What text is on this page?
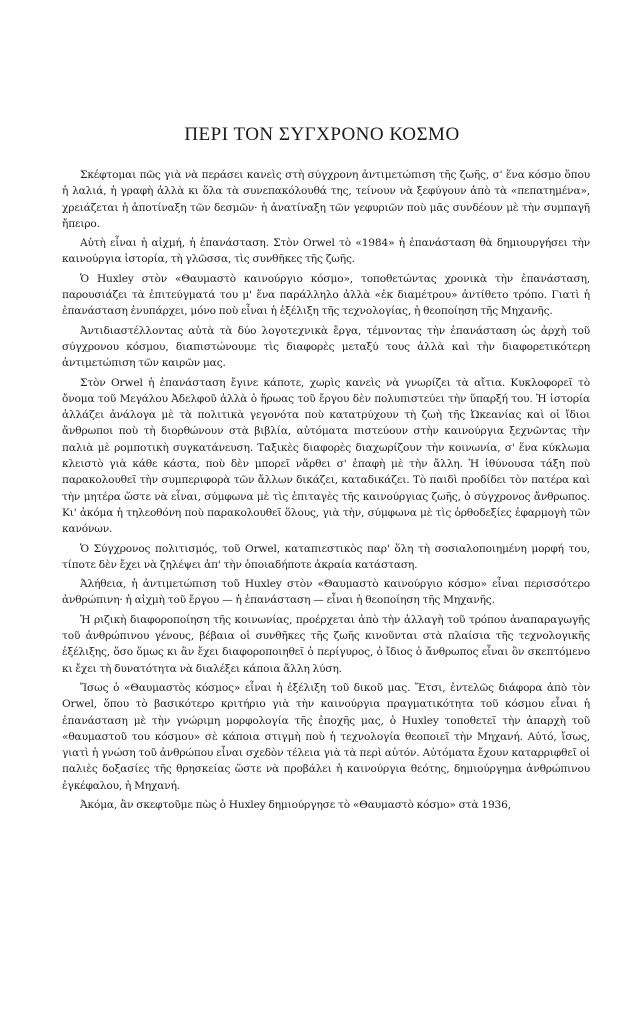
ΠΕΡΙ ΤΟΝ ΣΥΓΧΡΟΝΟ ΚΟΣΜΟ

Σκέφτομαι πῶς γιὰ νὰ περάσει κανεὶς στὴ σύγχρονη ἀντιμετώπιση τῆς ζωῆς, σ' ἕνα κόσμο ὅπου ἡ λαλιά, ἡ γραφὴ ἀλλὰ κι ὅλα τὰ συνεπακόλουθά της, τείνουν νὰ ξεφύγουν ἀπὸ τὰ «πεπατημένα», χρειάζεται ἡ ἀποτίναξη τῶν δεσμῶν· ἡ ἀνατίναξη τῶν γεφυριῶν ποὺ μᾶς συνδέουν μὲ τὴν συμπαγῆ ἤπειρο.

Αὐτὴ εἶναι ἡ αἰχμή, ἡ ἐπανάσταση. Στὸν Orwel τὸ «1984» ἡ ἐπανάσταση θὰ δημιουργήσει τὴν καινούργια ἱστορία, τὴ γλῶσσα, τὶς συνθῆκες τῆς ζωῆς.

Ὁ Huxley στὸν «Θαυμαστὸ καινούργιο κόσμο», τοποθετώντας χρονικὰ τὴν ἐπανάσταση, παρουσιάζει τὰ ἐπιτεύγματά του μ' ἕνα παράλληλο ἀλλὰ «ἐκ διαμέτρου» ἀντίθετο τρόπο. Γιατὶ ἡ ἐπανάσταση ἐνυπάρχει, μόνο ποὺ εἶναι ἡ ἐξέλιξη τῆς τεχνολογίας, ἡ θεοποίηση τῆς Μηχανῆς.

Ἀντιδιαστέλλοντας αὐτὰ τὰ δύο λογοτεχνικὰ ἔργα, τέμνοντας τὴν ἐπανάσταση ὡς ἀρχὴ τοῦ σύγχρονου κόσμου, διαπιστώνουμε τὶς διαφορὲς μεταξύ τους ἀλλὰ καὶ τὴν διαφορετικότερη ἀντιμετώπιση τῶν καιρῶν μας.

Στὸν Orwel ἡ ἐπανάσταση ἔγινε κάποτε, χωρὶς κανεὶς νὰ γνωρίζει τὰ αἴτια. Κυκλοφορεῖ τὸ ὄνομα τοῦ Μεγάλου Ἀδελφοῦ ἀλλὰ ὁ ἥρωας τοῦ ἔργου δὲν πολυπιστεύει τὴν ὕπαρξή του. Ἡ ἱστορία ἀλλάζει ἀνάλογα μὲ τὰ πολιτικὰ γεγονότα ποὺ κατατρύχουν τὴ ζωὴ τῆς Ὠκεανίας καὶ οἱ ἴδιοι ἄνθρωποι ποὺ τὴ διορθώνουν στὰ βιβλία, αὐτόματα πιστεύουν στὴν καινούργια ξεχνῶντας τὴν παλιὰ μὲ ρομποτικὴ συγκατάνευση. Ταξικὲς διαφορὲς διαχωρίζουν τὴν κοινωνία, σ' ἕνα κύκλωμα κλειστὸ γιὰ κάθε κάστα, ποὺ δὲν μπορεῖ νἄρθει σ' ἐπαφὴ μὲ τὴν ἄλλη. Ἡ ἰθύνουσα τάξη ποὺ παρακολουθεῖ τὴν συμπεριφορὰ τῶν ἄλλων δικάζει, καταδικάζει. Τὸ παιδὶ προδίδει τὸν πατέρα καὶ τὴν μητέρα ὥστε νὰ εἶναι, σύμφωνα μὲ τὶς ἐπιταγὲς τῆς καινούργιας ζωῆς, ὁ σύγχρονος ἄνθρωπος. Κι' ἀκόμα ἡ τηλεοθόνη ποὺ παρακολουθεῖ ὅλους, γιὰ τὴν, σύμφωνα μὲ τὶς ὀρθοδεξίες ἐφαρμογὴ τῶν κανόνων.

Ὁ Σύγχρονος πολιτισμός, τοῦ Orwel, καταπιεστικὸς παρ' ὅλη τὴ σοσιαλοποιημένη μορφή του, τίποτε δὲν ἔχει νὰ ζηλέψει ἀπ' τὴν ὁποιαδήποτε ἀκραία κατάσταση.

Ἀλήθεια, ἡ ἀντιμετώπιση τοῦ Huxley στὸν «Θαυμαστὸ καινούργιο κόσμο» εἶναι περισσότερο ἀνθρώπινη· ἡ αἰχμὴ τοῦ ἔργου — ἡ ἐπανάσταση — εἶναι ἡ θεοποίηση τῆς Μηχανῆς.

Ἡ ριζικὴ διαφοροποίηση τῆς κοινωνίας, προέρχεται ἀπὸ τὴν ἀλλαγὴ τοῦ τρόπου ἀναπαραγωγῆς τοῦ ἀνθρώπινου γένους, βέβαια οἱ συνθῆκες τῆς ζωῆς κινοῦνται στὰ πλαίσια τῆς τεχνολογικῆς ἐξέλιξης, ὅσο ὅμως κι ἂν ἔχει διαφοροποιηθεῖ ὁ περίγυρος, ὁ ἴδιος ὁ ἄνθρωπος εἶναι ὂν σκεπτόμενο κι ἔχει τὴ δυνατότητα νὰ διαλέξει κάποια ἄλλη λύση.

Ἴσως ὁ «Θαυμαστὸς κόσμος» εἶναι ἡ ἐξέλιξη τοῦ δικοῦ μας. Ἔτσι, ἐντελῶς διάφορα ἀπὸ τὸν Orwel, ὅπου τὸ βασικότερο κριτήριο γιὰ τὴν καινούργια πραγματικότητα τοῦ κόσμου εἶναι ἡ ἐπανάσταση μὲ τὴν γνώριμη μορφολογία τῆς ἐποχῆς μας, ὁ Huxley τοποθετεῖ τὴν ἀπαρχὴ τοῦ «θαυμαστοῦ του κόσμου» σὲ κάποια στιγμὴ ποὺ ἡ τεχνολογία θεοποιεῖ τὴν Μηχανή. Αὐτό, ἴσως, γιατὶ ἡ γνώση τοῦ ἀνθρώπου εἶναι σχεδὸν τέλεια γιὰ τὰ περὶ αὐτόν. Αὐτόματα ἔχουν καταρριφθεῖ οἱ παλιὲς δοξασίες τῆς θρησκείας ὥστε νὰ προβάλει ἡ καινούργια θεότης, δημιούργημα ἀνθρώπινου ἐγκέφαλου, ἡ Μηχανή.

Ἀκόμα, ἂν σκεφτοῦμε πὼς ὁ Huxley δημιούργησε τὸ «Θαυμαστὸ κόσμο» στὰ 1936,
